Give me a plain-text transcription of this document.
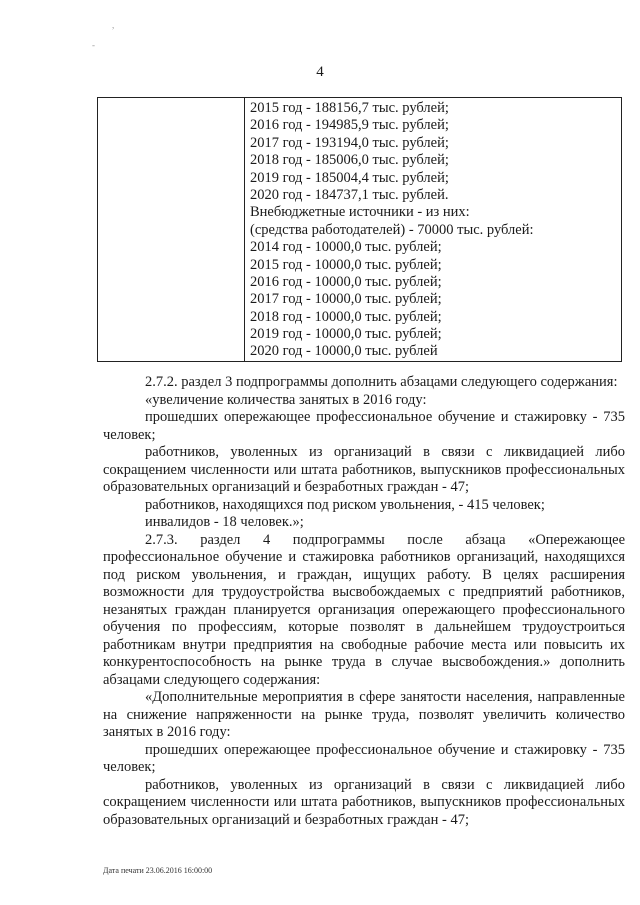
,
-
4

2015 год - 188156,7 тыс. рублей;
2016 год - 194985,9 тыс. рублей;
2017 год - 193194,0 тыс. рублей;
2018 год - 185006,0 тыс. рублей;
2019 год - 185004,4 тыс. рублей;
2020 год - 184737,1 тыс. рублей.
Внебюджетные источники - из них:
(средства работодателей) - 70000 тыс. рублей:
2014 год - 10000,0 тыс. рублей;
2015 год - 10000,0 тыс. рублей;
2016 год - 10000,0 тыс. рублей;
2017 год - 10000,0 тыс. рублей;
2018 год - 10000,0 тыс. рублей;
2019 год - 10000,0 тыс. рублей;
2020 год - 10000,0 тыс. рублей

2.7.2. раздел 3 подпрограммы дополнить абзацами следующего содержания:

«увеличение количества занятых в 2016 году:

прошедших опережающее профессиональное обучение и стажировку - 735 человек;

работников, уволенных из организаций в связи с ликвидацией либо сокращением численности или штата работников, выпускников профессиональных образовательных организаций и безработных граждан - 47;

работников, находящихся под риском увольнения, - 415 человек;

инвалидов - 18 человек.»;

2.7.3. раздел 4 подпрограммы после абзаца «Опережающее профессиональное обучение и стажировка работников организаций, находящихся под риском увольнения, и граждан, ищущих работу. В целях расширения возможности для трудоустройства высвобождаемых с предприятий работников, незанятых граждан планируется организация опережающего профессионального обучения по профессиям, которые позволят в дальнейшем трудоустроиться работникам внутри предприятия на свободные рабочие места или повысить их конкурентоспособность на рынке труда в случае высвобождения.» дополнить абзацами следующего содержания:

«Дополнительные мероприятия в сфере занятости населения, направленные на снижение напряженности на рынке труда, позволят увеличить количество занятых в 2016 году:

прошедших опережающее профессиональное обучение и стажировку - 735 человек;

работников, уволенных из организаций в связи с ликвидацией либо сокращением численности или штата работников, выпускников профессиональных образовательных организаций и безработных граждан - 47;

Дата печати 23.06.2016 16:00:00
